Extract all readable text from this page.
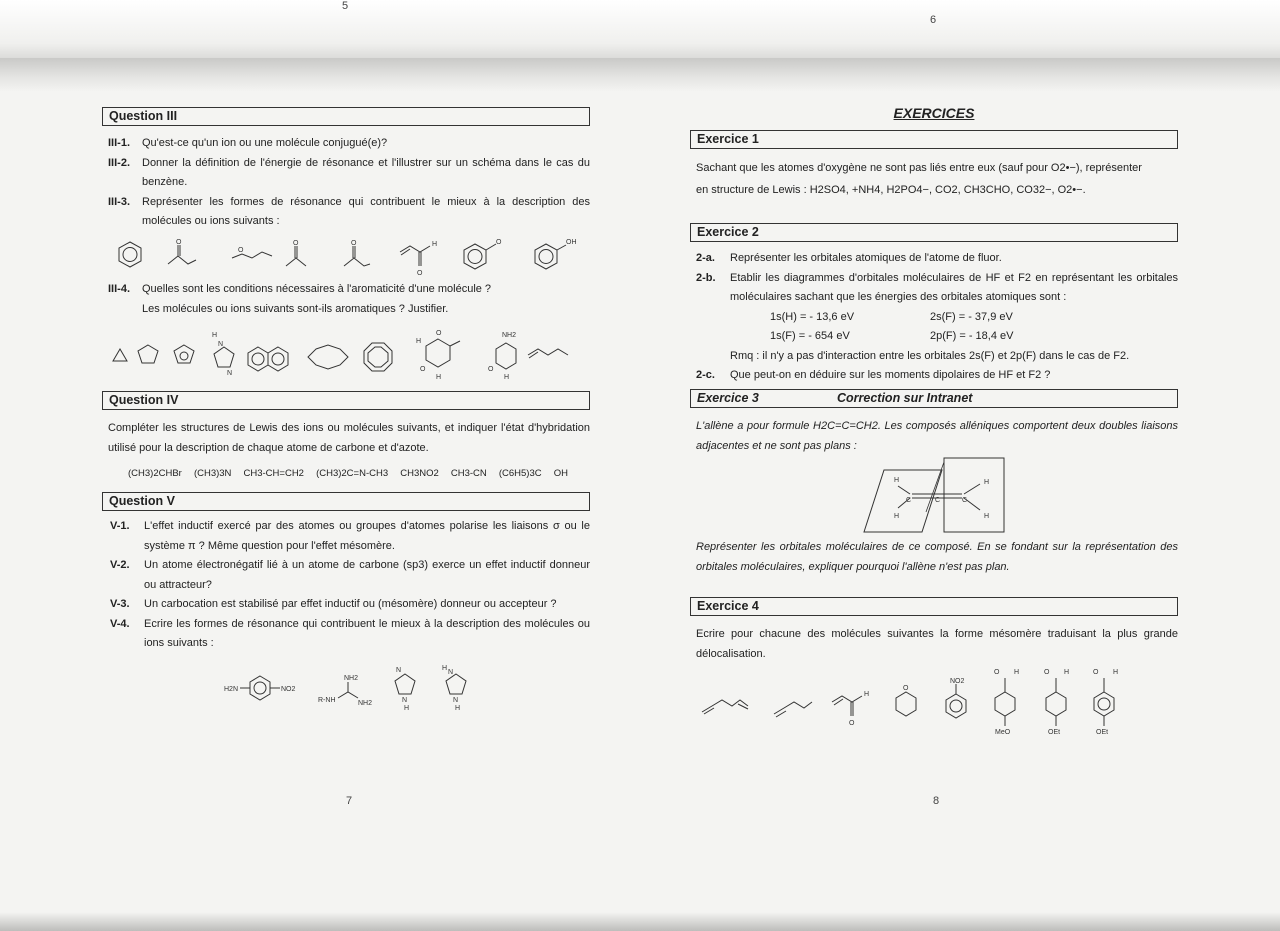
5
6
7	8
Question III
III-1.	Qu'est-ce qu'un ion ou une molécule conjugué(e)?
III-2.	Donner la définition de l'énergie de résonance et l'illustrer sur un schéma dans le cas du benzène.
III-3.	Représenter les formes de résonance qui contribuent le mieux à la description des molécules ou ions suivants :
O
O
O	O	H
O
O	OH
III-4.	Quelles sont les conditions nécessaires à l'aromaticité d'une molécule ?
Les molécules ou ions suivants sont-ils aromatiques ? Justifier.
H
N
N
O
H
O
H
NH2
O
H
Question IV

Compléter les structures de Lewis des ions ou molécules suivants, et indiquer l'état d'hybridation utilisé pour la description de chaque atome de carbone et d'azote.

(CH3)2CHBr (CH3)3N CH3-CH=CH2 (CH3)2C=N-CH3 CH3NO2 CH3-CN (C6H5)3C OH
Question V
V-1.	L'effet inductif exercé par des atomes ou groupes d'atomes polarise les liaisons σ ou le système π ? Même question pour l'effet mésomère.
V-2.	Un atome électronégatif lié à un atome de carbone (sp3) exerce un effet inductif donneur ou attracteur?
V-3.	Un carbocation est stabilisé par effet inductif ou (mésomère) donneur ou accepteur ?
V-4.	Ecrire les formes de résonance qui contribuent le mieux à la description des molécules ou ions suivants :
H2N	NO2
R-NH
NH2
NH2
N
N
H
H
N
N
H
EXERCICES
Exercice 1
Sachant que les atomes d'oxygène ne sont pas liés entre eux (sauf pour O2•−), représenter
en structure de Lewis : H2SO4, +NH4, H2PO4−, CO2, CH3CHO, CO32−, O2•−.
Exercice 2
2-a.	Représenter les orbitales atomiques de l'atome de fluor.
2-b.	Etablir les diagrammes d'orbitales moléculaires de HF et F2 en représentant les orbitales moléculaires sachant que les énergies des orbitales atomiques sont :
1s(H) = - 13,6 eV	2s(F) = - 37,9 eV
1s(F) = - 654 eV	2p(F) = - 18,4 eV
Rmq : il n'y a pas d'interaction entre les orbitales 2s(F) et 2p(F) dans le cas de F2.
2-c.	Que peut-on en déduire sur les moments dipolaires de HF et F2 ?
Exercice 3	Correction sur Intranet

L'allène a pour formule H2C=C=CH2. Les composés alléniques comportent deux doubles liaisons adjacentes et ne sont pas plans :

H
H
C	C	C
H
H

Représenter les orbitales moléculaires de ce composé. En se fondant sur la représentation des orbitales moléculaires, expliquer pourquoi l'allène n'est pas plan.

Exercice 4

Ecrire pour chacune des molécules suivantes la forme mésomère traduisant la plus grande délocalisation.

H
O
O
NO2
O H
MeO
O H
OEt
O H
OEt
